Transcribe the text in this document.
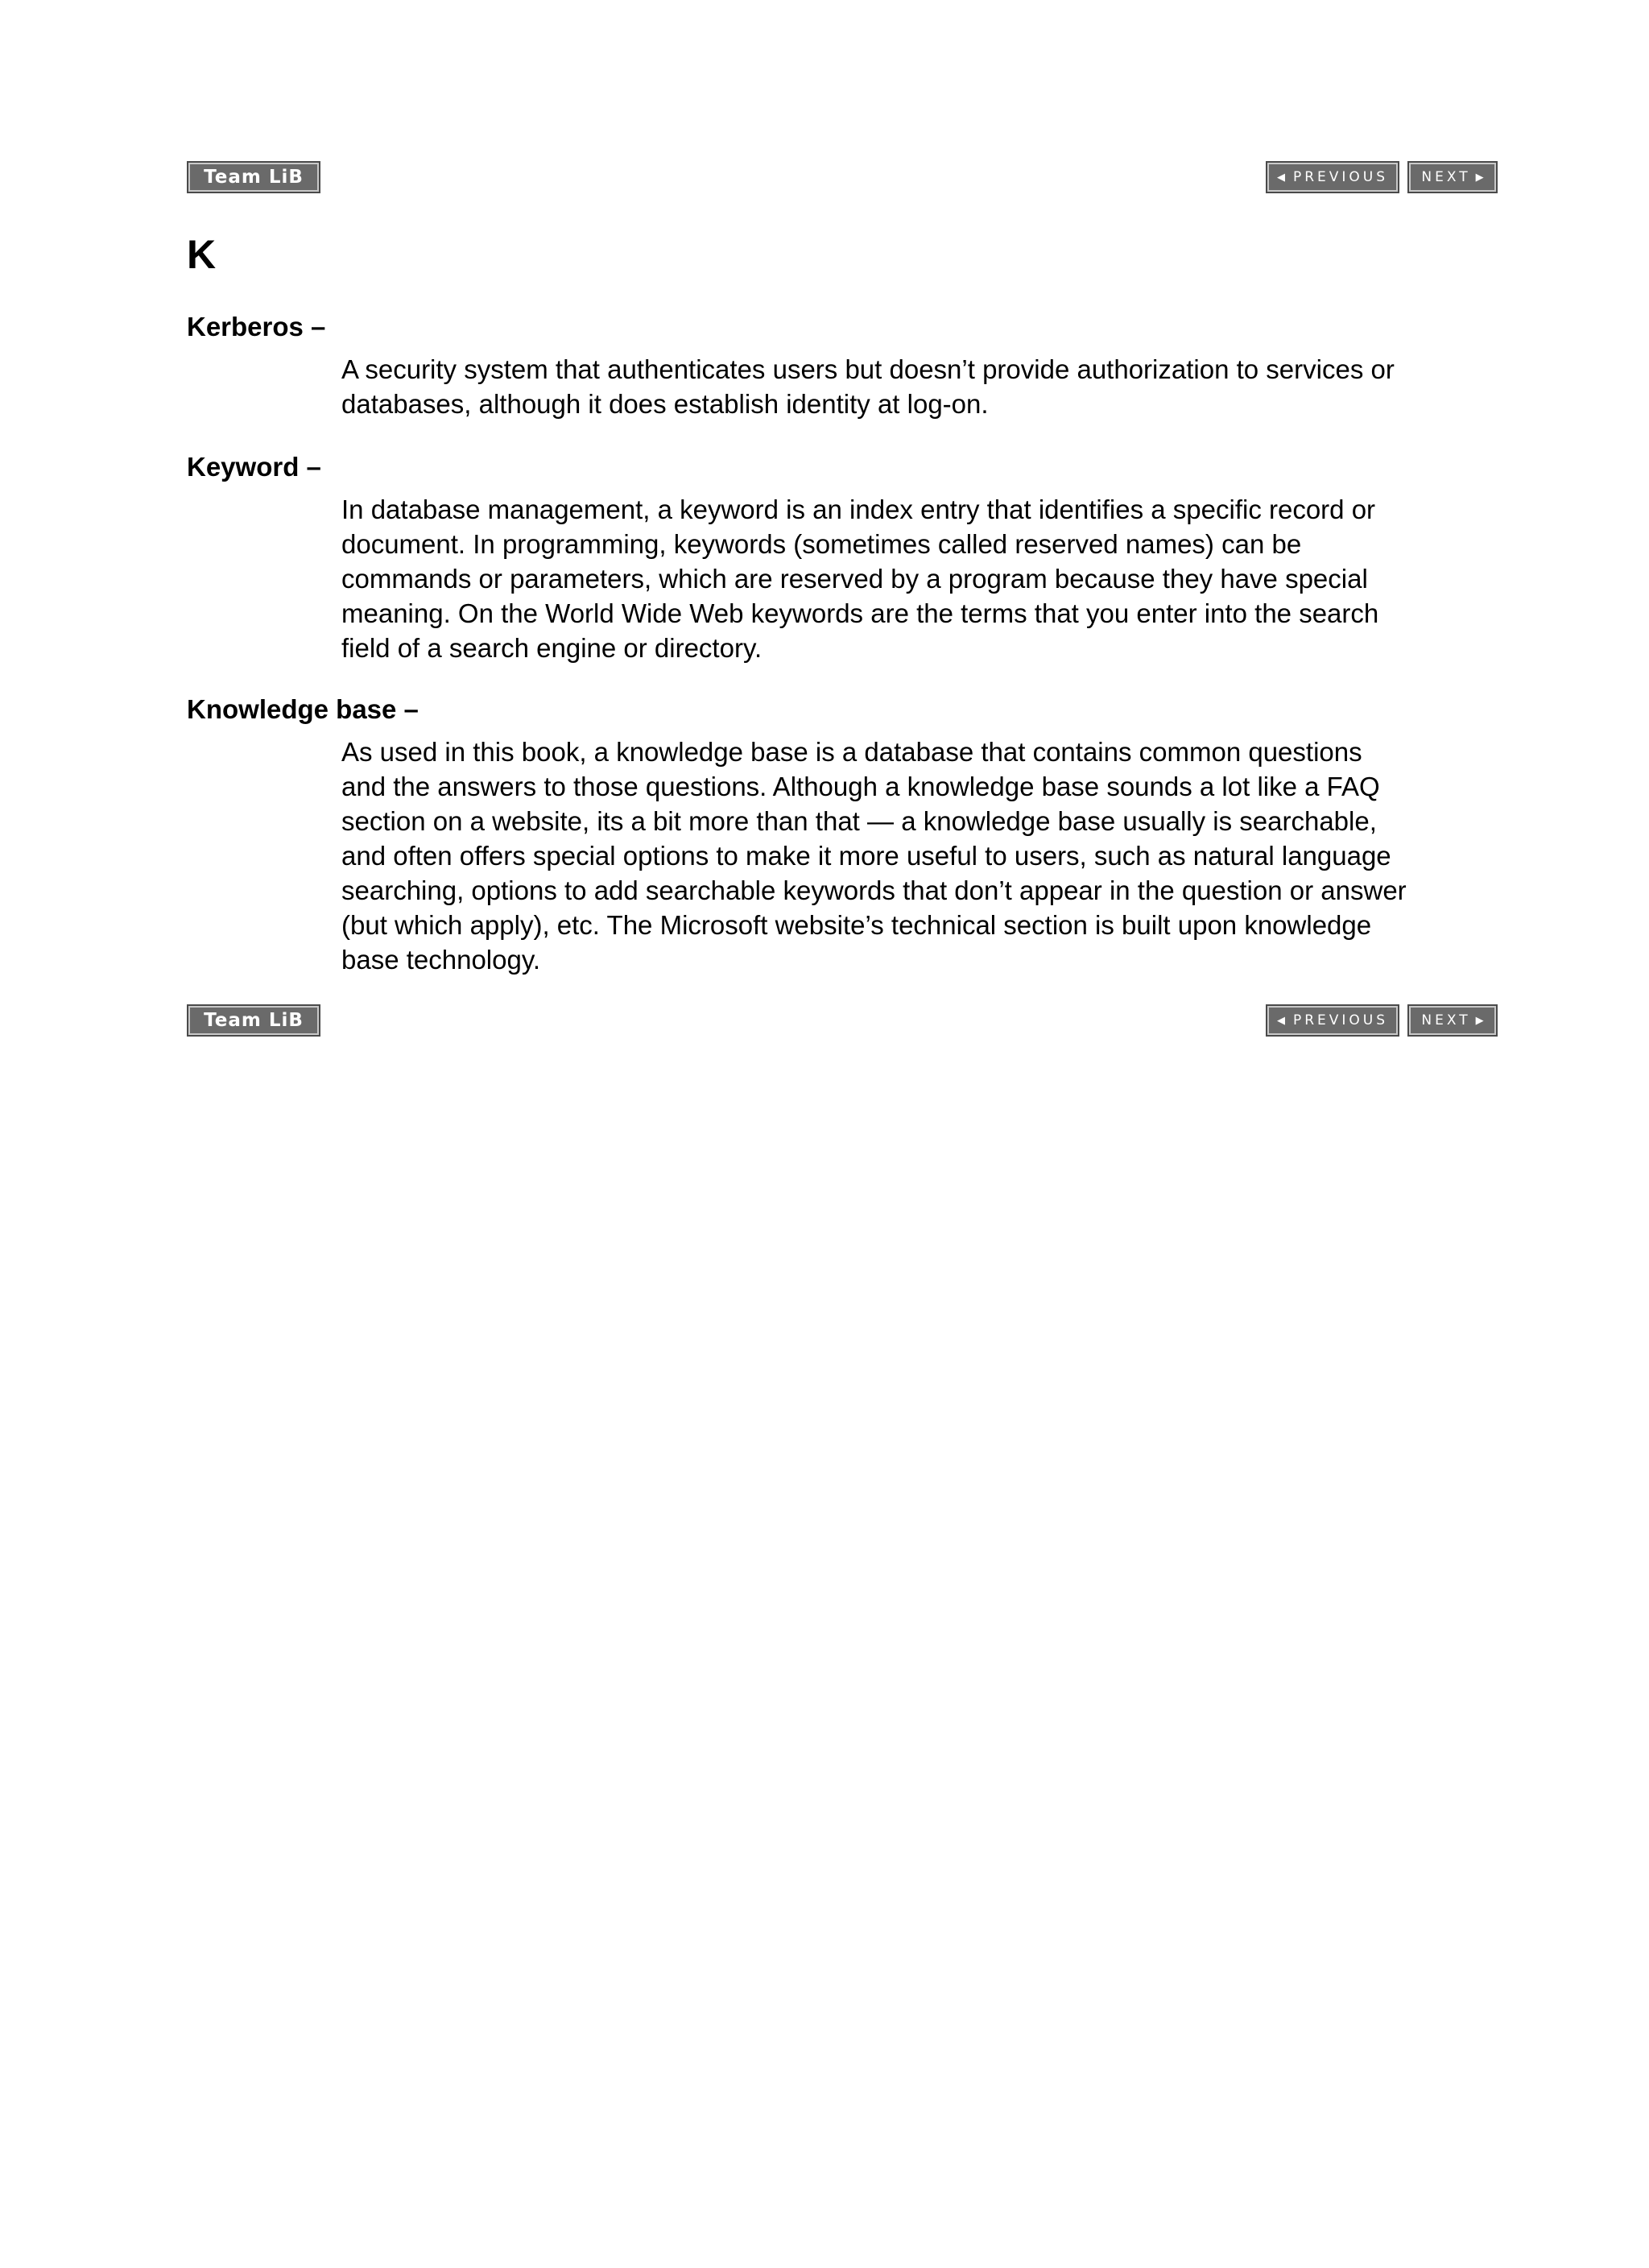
Team LiB	◀ PREVIOUS NEXT ▶
K
Kerberos –

A security system that authenticates users but doesn’t provide authorization to services or
databases, although it does establish identity at log-on.

Keyword –

In database management, a keyword is an index entry that identifies a specific record or
document. In programming, keywords (sometimes called reserved names) can be
commands or parameters, which are reserved by a program because they have special
meaning. On the World Wide Web keywords are the terms that you enter into the search
field of a search engine or directory.

Knowledge base –

As used in this book, a knowledge base is a database that contains common questions
and the answers to those questions. Although a knowledge base sounds a lot like a FAQ
section on a website, its a bit more than that — a knowledge base usually is searchable,
and often offers special options to make it more useful to users, such as natural language
searching, options to add searchable keywords that don’t appear in the question or answer
(but which apply), etc. The Microsoft website’s technical section is built upon knowledge
base technology.

Team LiB	◀ PREVIOUS NEXT ▶
